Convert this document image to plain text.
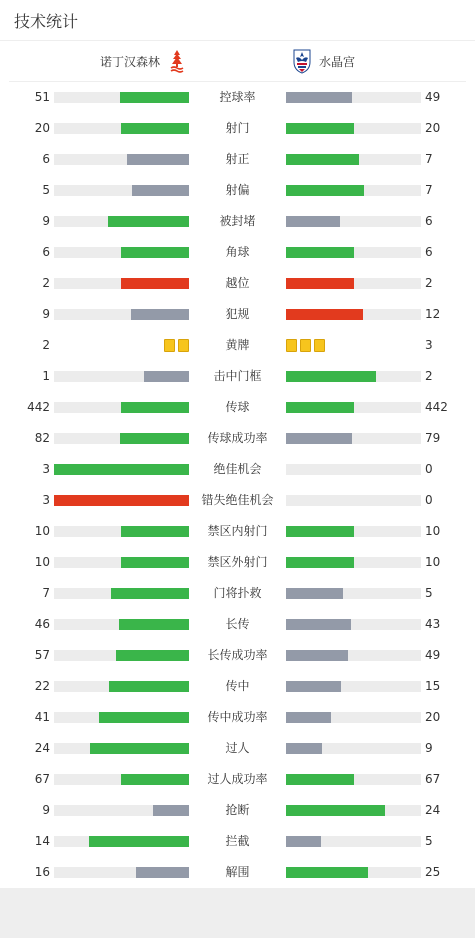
技术统计
诺丁汉森林	水晶宫
51	控球率	49
20	射门	20
6	射正	7
5	射偏	7
9	被封堵	6
6	角球	6
2	越位	2
9	犯规	12
2	黄牌	3
1	击中门框	2
442	传球	442
82	传球成功率	79
3	绝佳机会	0
3	错失绝佳机会	0
10	禁区内射门	10
10	禁区外射门	10
7	门将扑救	5
46	长传	43
57	长传成功率	49
22	传中	15
41	传中成功率	20
24	过人	9
67	过人成功率	67
9	抢断	24
14	拦截	5
16	解围	25
